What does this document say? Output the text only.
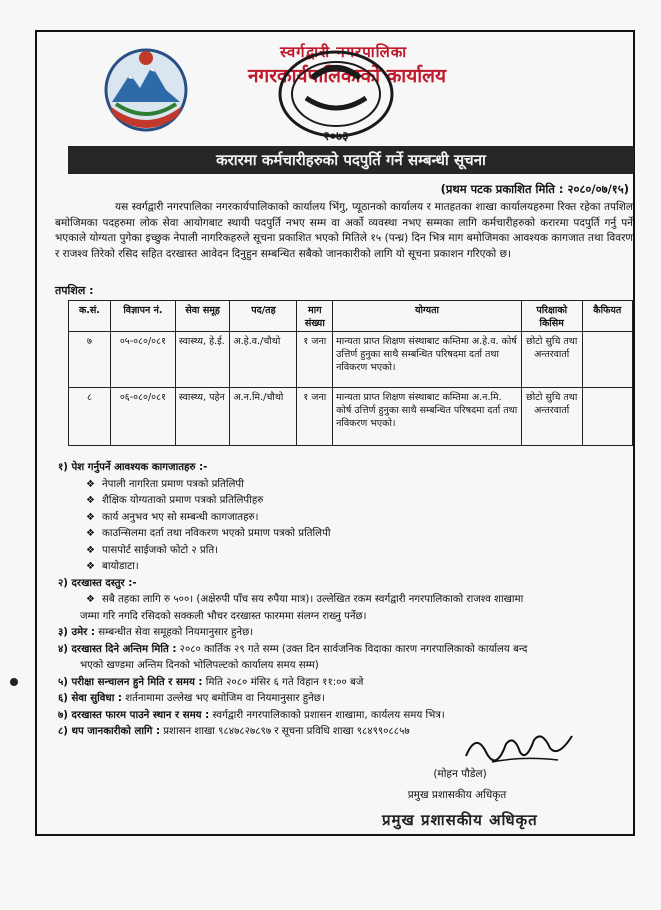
स्वर्गद्वारी नगरपालिका
नगरकार्यपालिकाको कार्यालय
२०७३
करारमा कर्मचारीहरुको पदपुर्ति गर्ने सम्बन्धी सूचना
(प्रथम पटक प्रकाशित मिति : २०८०/०७/१५)
यस स्वर्गद्वारी नगरपालिका नगरकार्यपालिकाको कार्यालय भिंगु, प्यूठानको कार्यालय र मातहतका शाखा कार्यालयहरुमा रिक्त रहेका तपशिल बमोजिमका पदहरुमा लोक सेवा आयोगबाट स्थायी पदपुर्ति नभए सम्म वा अर्को व्यवस्था नभए सम्मका लागि कर्मचारीहरुको करारमा पदपुर्ति गर्नु पर्ने भएकाले योग्यता पुगेका इच्छुक नेपाली नागरिकहरुले सूचना प्रकाशित भएको मितिले १५ (पन्ध्र) दिन भित्र माग बमोजिमका आवश्यक कागजात तथा विवरण र राजश्व तिरेको रसिद सहित दरखास्त आवेदन दिनुहुन सम्बन्धित सबैको जानकारीको लागि यो सूचना प्रकाशन गरिएको छ।
तपशिल :
क.सं.	विज्ञापन नं.	सेवा समूह	पद/तह	माग संख्या	योग्यता	परिक्षाको किसिम	कैफियत
७	०५-०८०/०८१	स्वास्थ्य, हे.ई.	अ.हे.व./चौथो	१ जना	मान्यता प्राप्त शिक्षण संस्थाबाट कम्तिमा अ.हे.व. कोर्ष उत्तिर्ण हुनुका साथै सम्बन्धित परिषदमा दर्ता तथा नविकरण भएको।	छोटो सुचि तथा अन्तरवार्ता	
८	०६-०८०/०८१	स्वास्थ्य, पहेन	अ.न.मि./चौथो	१ जना	मान्यता प्राप्त शिक्षण संस्थाबाट कम्तिमा अ.न.मि. कोर्ष उत्तिर्ण हुनुका साथै सम्बन्धित परिषदमा दर्ता तथा नविकरण भएको।	छोटो सुचि तथा अन्तरवार्ता	
१) पेश गर्नुपर्ने आवश्यक कागजातहरु :-
❖ नेपाली नागरिता प्रमाण पत्रको प्रतिलिपी
❖ शैक्षिक योग्यताको प्रमाण पत्रको प्रतिलिपीहरु
❖ कार्य अनुभव भए सो सम्बन्धी कागजातहरु।
❖ काउन्सिलमा दर्ता तथा नविकरण भएको प्रमाण पत्रको प्रतिलिपी
❖ पासपोर्ट साईजको फोटो २ प्रति।
❖ बायोडाटा।
२) दरखास्त दस्तुर :-
❖ सबै तहका लागि रु ५००। (अक्षेरुपी पाँच सय रुपैया मात्र)। उल्लेखित रकम स्वर्गद्वारी नगरपालिकाको राजश्व शाखामा
जम्मा गरि नगदि रसिदको सक्कली भौचर दरखास्त फारममा संलग्न राख्नु पर्नेछ।
३) उमेर : सम्बन्धीत सेवा समूहको नियमानुसार हुनेछ।
४) दरखास्त दिने अन्तिम मिति : २०८० कार्तिक २९ गते सम्म (उक्त दिन सार्वजनिक विदाका कारण नगरपालिकाको कार्यालय बन्द
भएको खण्डमा अन्तिम दिनको भोलिपल्टको कार्यालय समय सम्म)
५) परीक्षा सन्चालन हुने मिति र समय : मिति २०८० मंसिर ६ गते विहान ११:०० बजे
६) सेवा सुविधा : शर्तनामामा उल्लेख भए बमोजिम वा नियमानुसार हुनेछ।
७) दरखास्त फारम पाउने स्थान र समय : स्वर्गद्वारी नगरपालिकाको प्रशासन शाखामा, कार्यलय समय भित्र।
८) थप जानकारीको लागि : प्रशासन शाखा ९८४७८२७८९७ र सूचना प्रविधि शाखा ९८४९९०८८५७
(मोहन पौडेल)
प्रमुख प्रशासकीय अधिकृत
प्रमुख प्रशासकीय अधिकृत
